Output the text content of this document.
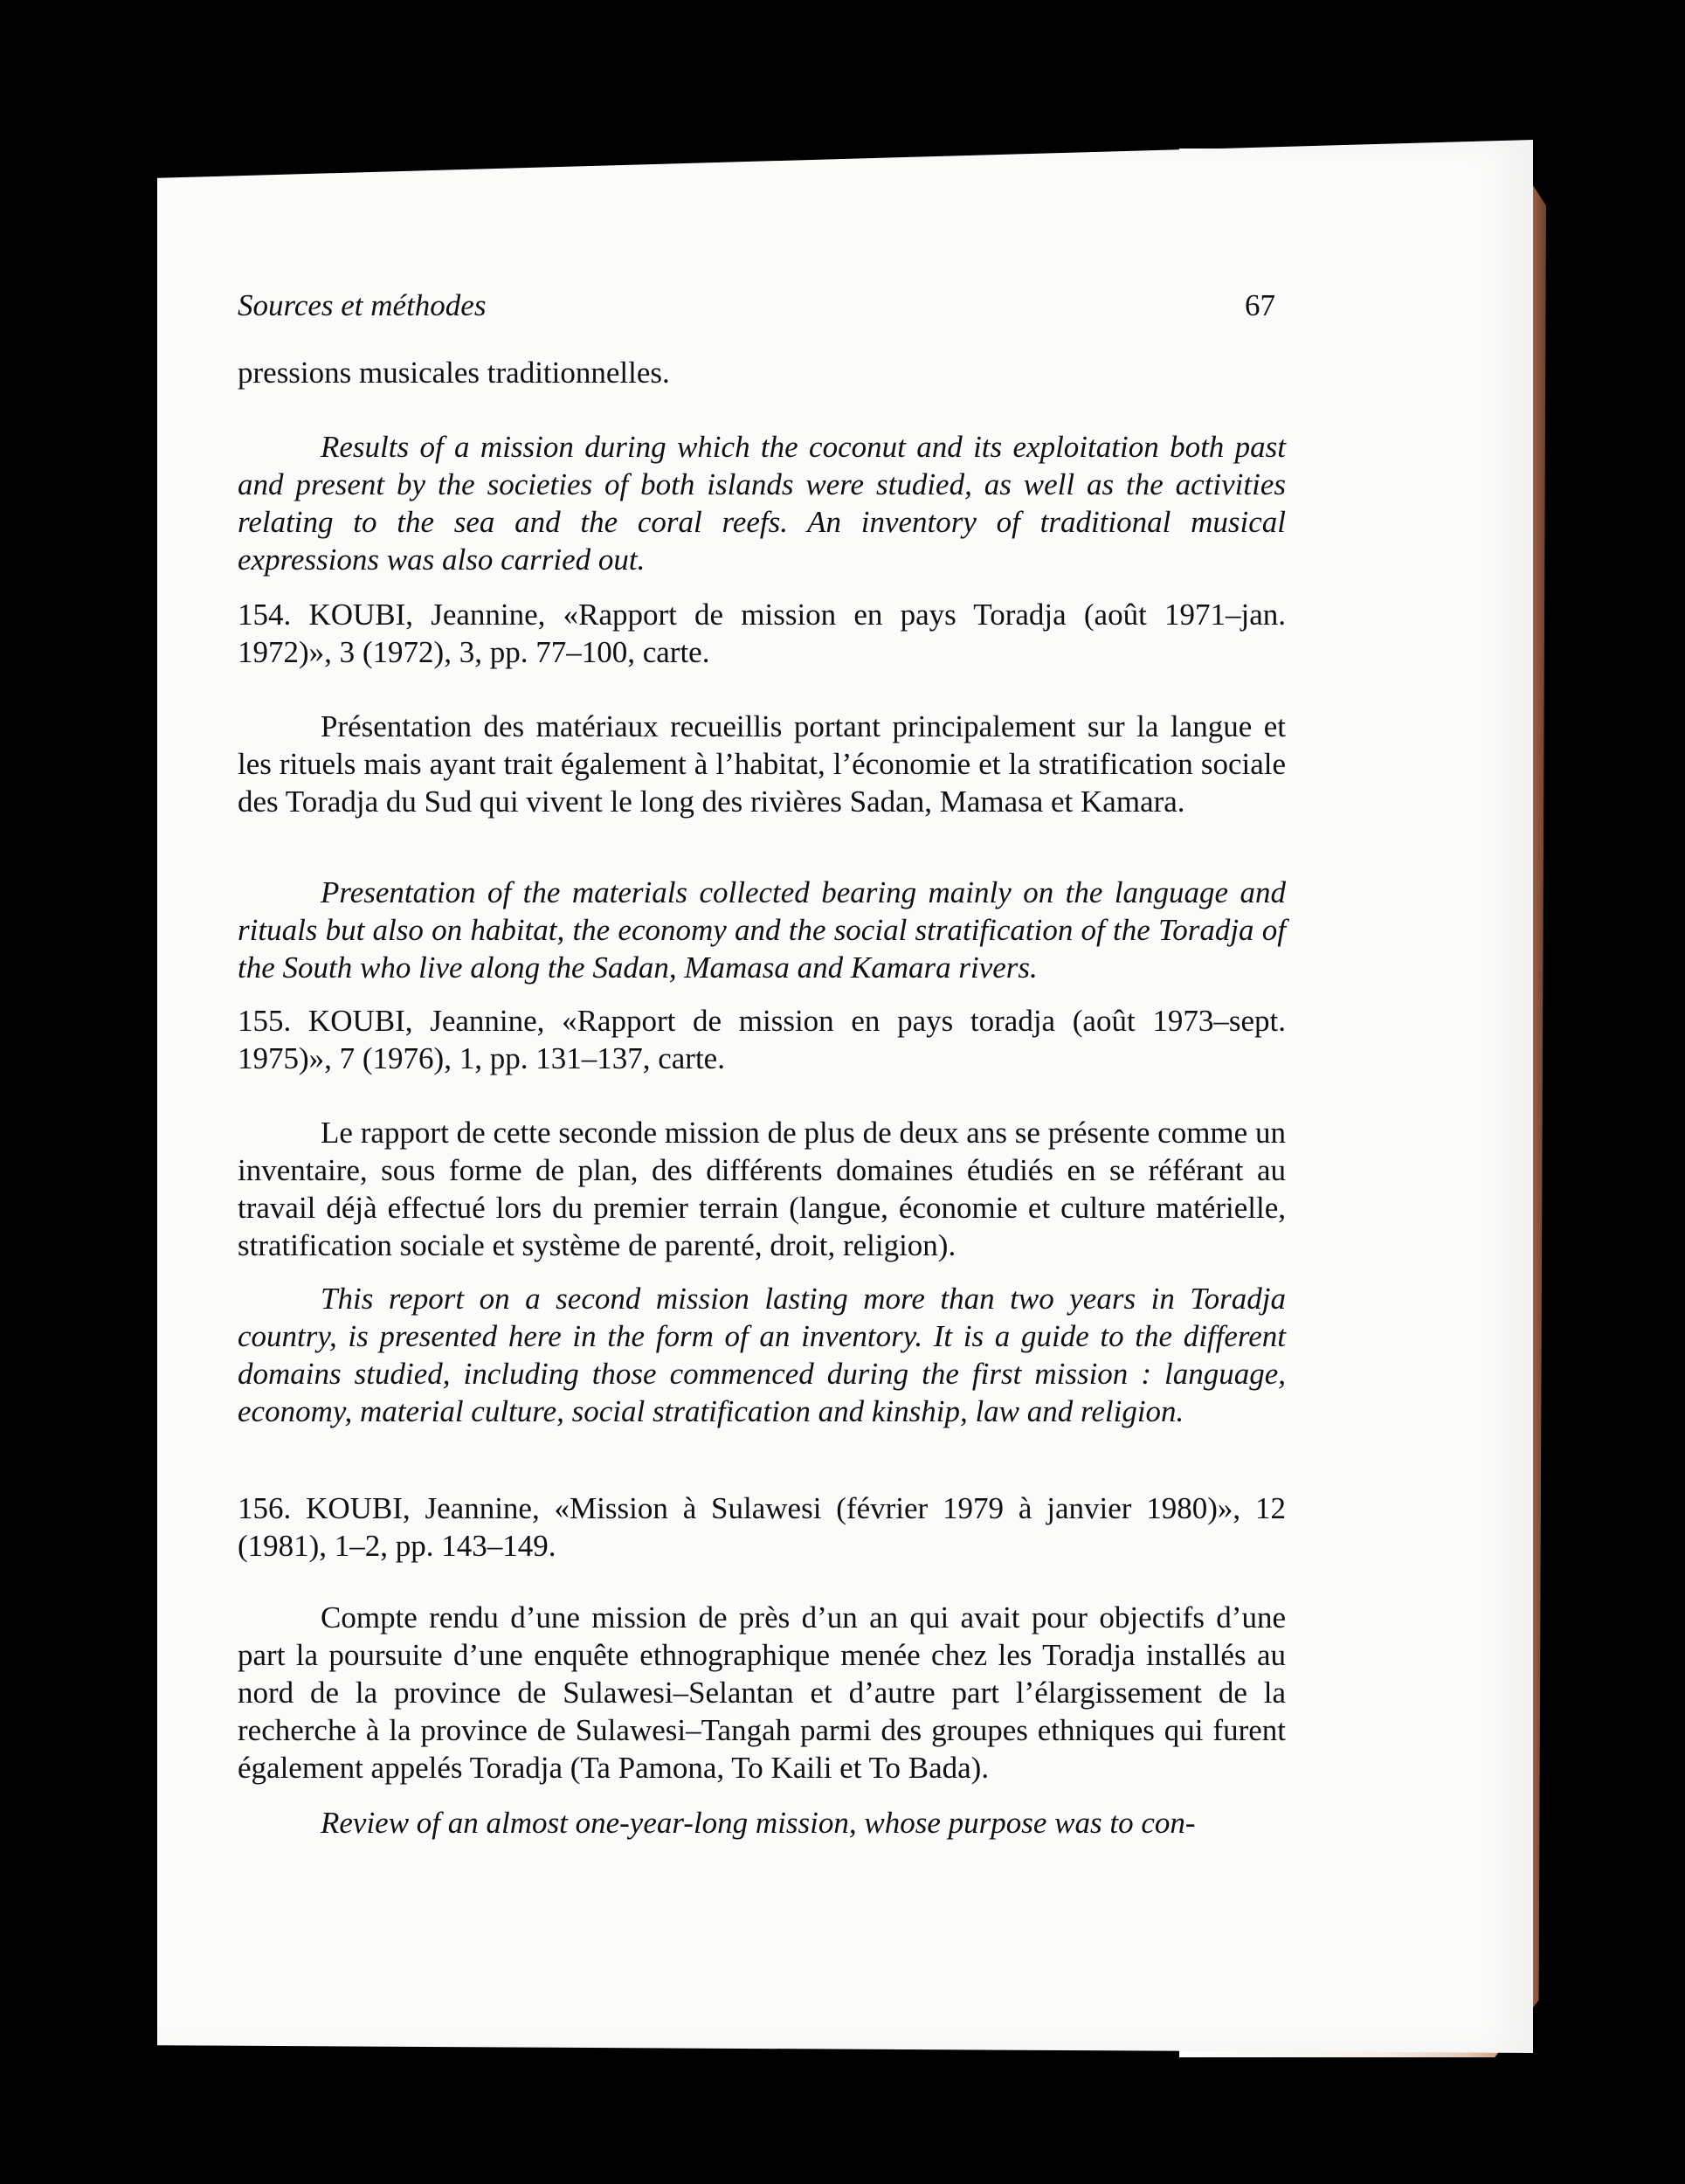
Sources et méthodes	67

pressions musicales traditionnelles.

Results of a mission during which the coconut and its exploitation both past and present by the societies of both islands were studied, as well as the activities relating to the sea and the coral reefs. An inventory of traditional musical expressions was also carried out.

154. KOUBI, Jeannine, «Rapport de mission en pays Toradja (août 1971–jan. 1972)», 3 (1972), 3, pp. 77–100, carte.

Présentation des matériaux recueillis portant principalement sur la langue et les rituels mais ayant trait également à l’habitat, l’économie et la stratification sociale des Toradja du Sud qui vivent le long des rivières Sadan, Mamasa et Kamara.

Presentation of the materials collected bearing mainly on the language and rituals but also on habitat, the economy and the social stratification of the Toradja of the South who live along the Sadan, Mamasa and Kamara rivers.

155. KOUBI, Jeannine, «Rapport de mission en pays toradja (août 1973–sept. 1975)», 7 (1976), 1, pp. 131–137, carte.

Le rapport de cette seconde mission de plus de deux ans se présente comme un inventaire, sous forme de plan, des différents domaines étudiés en se référant au travail déjà effectué lors du premier terrain (langue, économie et culture matérielle, stratification sociale et système de parenté, droit, religion).

This report on a second mission lasting more than two years in Toradja country, is presented here in the form of an inventory. It is a guide to the different domains studied, including those commenced during the first mission : language, economy, material culture, social stratification and kinship, law and religion.

156. KOUBI, Jeannine, «Mission à Sulawesi (février 1979 à janvier 1980)», 12 (1981), 1–2, pp. 143–149.

Compte rendu d’une mission de près d’un an qui avait pour objectifs d’une part la poursuite d’une enquête ethnographique menée chez les Toradja installés au nord de la province de Sulawesi–Selantan et d’autre part l’élargissement de la recherche à la province de Sulawesi–Tangah parmi des groupes ethniques qui furent également appelés Toradja (Ta Pamona, To Kaili et To Bada).

Review of an almost one-year-long mission, whose purpose was to con-
